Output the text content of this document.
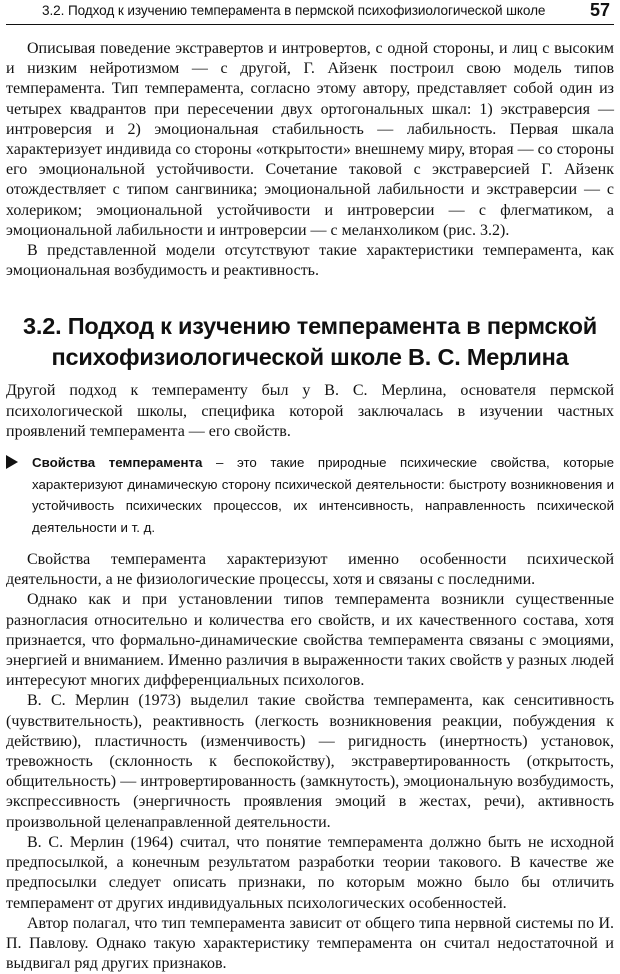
3.2. Подход к изучению темперамента в пермской психофизиологической школе 57

Описывая поведение экстравертов и интровертов, с одной стороны, и лиц с высоким и низким нейротизмом — с другой, Г. Айзенк построил свою модель типов темперамента. Тип темперамента, согласно этому автору, представляет собой один из четырех квадрантов при пересечении двух ортогональных шкал: 1) экстраверсия — интроверсия и 2) эмоциональная стабильность — лабильность. Первая шкала характеризует индивида со стороны «открытости» внешнему миру, вторая — со стороны его эмоциональной устойчивости. Сочетание таковой с экстраверсией Г. Айзенк отождествляет с типом сангвиника; эмоциональной лабильности и экстраверсии — с холериком; эмоциональной устойчивости и интроверсии — с флегматиком, а эмоциональной лабильности и интроверсии — с меланхоликом (рис. 3.2).

В представленной модели отсутствуют такие характеристики темперамента, как эмоциональная возбудимость и реактивность.

3.2. Подход к изучению темперамента в пермской
психофизиологической школе В. С. Мерлина

Другой подход к темпераменту был у В. С. Мерлина, основателя пермской психологической школы, специфика которой заключалась в изучении частных проявлений темперамента — его свойств.

Свойства темперамента – это такие природные психические свойства, которые характеризуют динамическую сторону психической деятельности: быстроту возникновения и устойчивость психических процессов, их интенсивность, направленность психической деятельности и т. д.

Свойства темперамента характеризуют именно особенности психической деятельности, а не физиологические процессы, хотя и связаны с последними.

Однако как и при установлении типов темперамента возникли существенные разногласия относительно и количества его свойств, и их качественного состава, хотя признается, что формально-динамические свойства темперамента связаны с эмоциями, энергией и вниманием. Именно различия в выраженности таких свойств у разных людей интересуют многих дифференциальных психологов.

В. С. Мерлин (1973) выделил такие свойства темперамента, как сенситивность (чувствительность), реактивность (легкость возникновения реакции, побуждения к действию), пластичность (изменчивость) — ригидность (инертность) установок, тревожность (склонность к беспокойству), экстравертированность (открытость, общительность) — интровертированность (замкнутость), эмоциональную возбудимость, экспрессивность (энергичность проявления эмоций в жестах, речи), активность произвольной целенаправленной деятельности.

В. С. Мерлин (1964) считал, что понятие темперамента должно быть не исходной предпосылкой, а конечным результатом разработки теории такового. В качестве же предпосылки следует описать признаки, по которым можно было бы отличить темперамент от других индивидуальных психологических особенностей.

Автор полагал, что тип темперамента зависит от общего типа нервной системы по И. П. Павлову. Однако такую характеристику темперамента он считал недостаточной и выдвигал ряд других признаков.
